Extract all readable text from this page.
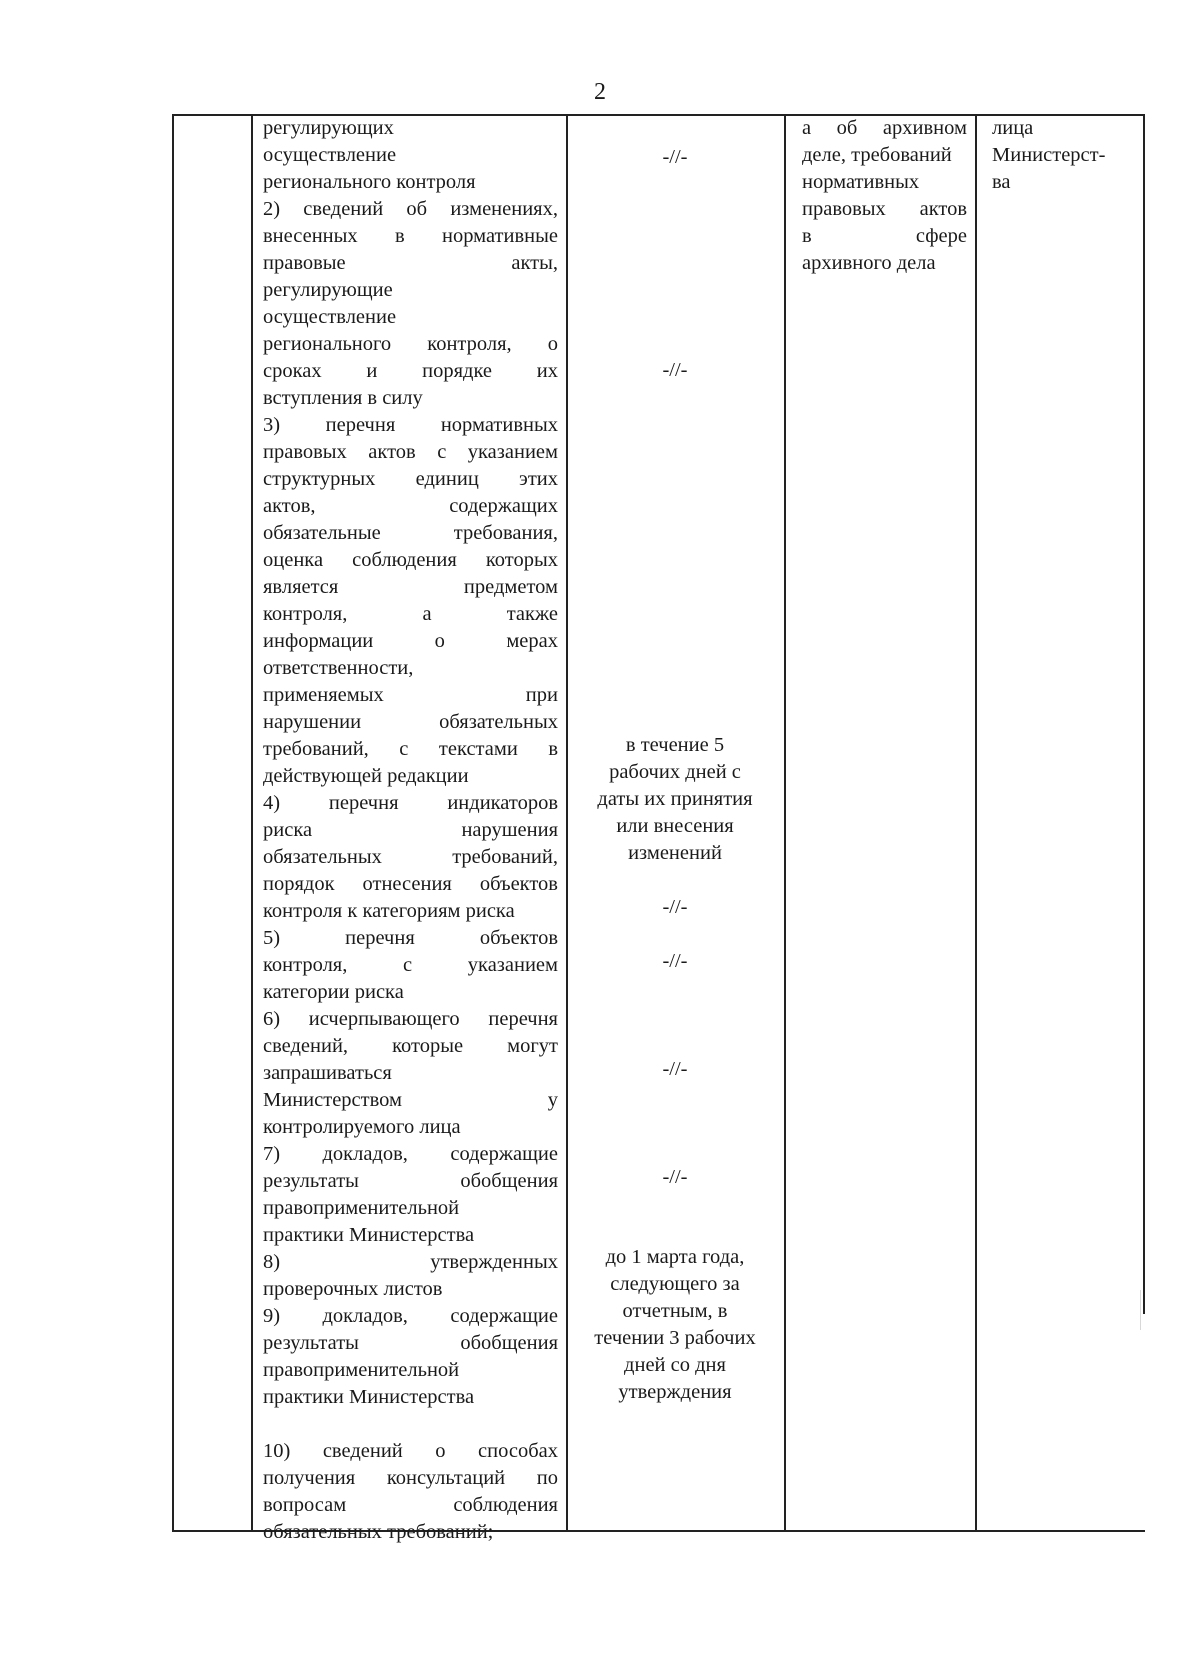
2
регулирующих
осуществление
регионального контроля
2) сведений об изменениях,
внесенных в нормативные
правовые акты,
регулирующие
осуществление
регионального контроля, о
сроках и порядке их
вступления в силу
3) перечня нормативных
правовых актов с указанием
структурных единиц этих
актов, содержащих
обязательные требования,
оценка соблюдения которых
является предметом
контроля, а также
информации о мерах
ответственности,
применяемых при
нарушении обязательных
требований, с текстами в
действующей редакции
4) перечня индикаторов
риска нарушения
обязательных требований,
порядок отнесения объектов
контроля к категориям риска
5) перечня объектов
контроля, с указанием
категории риска
6) исчерпывающего перечня
сведений, которые могут
запрашиваться
Министерством у
контролируемого лица
7) докладов, содержащие
результаты обобщения
правоприменительной
практики Министерства
8) утвержденных
проверочных листов
9) докладов, содержащие
результаты обобщения
правоприменительной
практики Министерства

10) сведений о способах
получения консультаций по
вопросам соблюдения
обязательных требований;
-//-
-//-
в течение 5
рабочих дней с
даты их принятия
или внесения
изменений
-//-
-//-
-//-
-//-
до 1 марта года,
следующего за
отчетным, в
течении 3 рабочих
дней со дня
утверждения
а об архивном
деле, требований
нормативных
правовых актов
в сфере
архивного дела
лица
Министерст-
ва
